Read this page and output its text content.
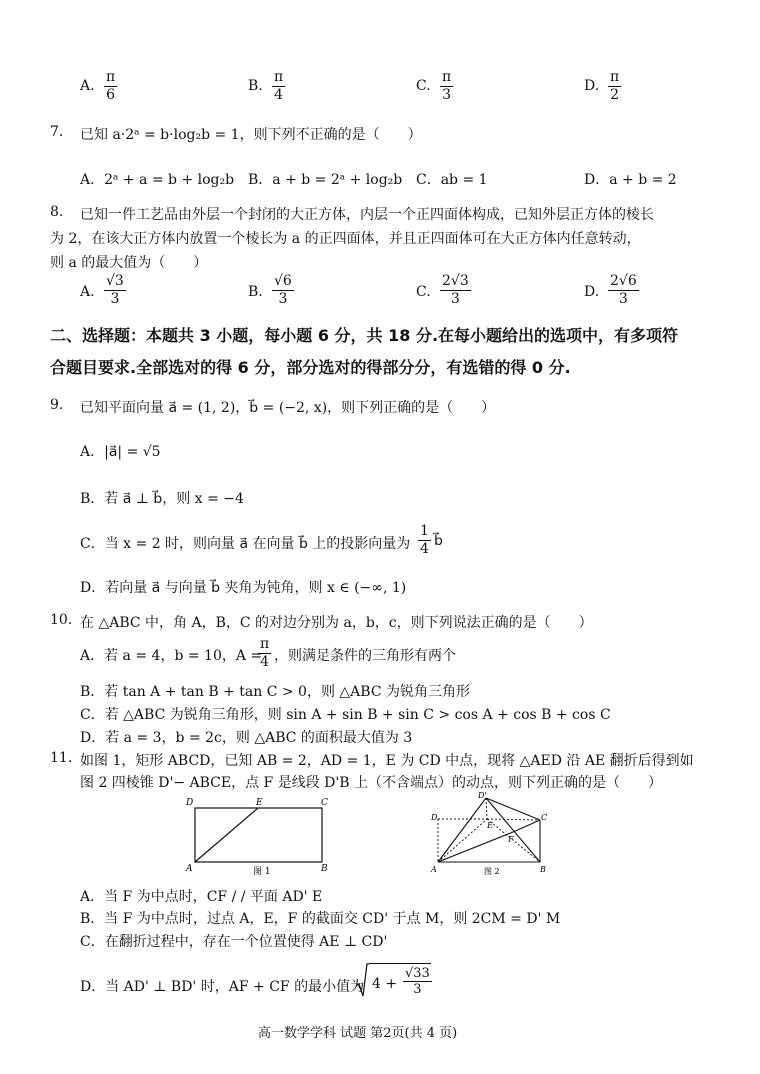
A. $\frac{\pi}{6}$	B. $\frac{\pi}{4}$	C. $\frac{\pi}{3}$	D. $\frac{\pi}{2}$
7. 已知 a·2ᵃ = b·log₂b = 1，则下列不正确的是（　　）
A．2ᵃ + a = b + log₂b B．a + b = 2ᵃ + log₂b C．ab = 1	D．a + b = 2
8. 已知一件工艺品由外层一个封闭的大正方体，内层一个正四面体构成，已知外层正方体的棱长
为 2，在该大正方体内放置一个棱长为 a 的正四面体，并且正四面体可在大正方体内任意转动，
则 a 的最大值为（　　）
A. $\frac{√3}{3}$	B. $\frac{√6}{3}$	C. $\frac{2√3}{3}$	D. $\frac{2√6}{3}$
二、选择题：本题共 3 小题，每小题 6 分，共 18 分.在每小题给出的选项中，有多项符
合题目要求.全部选对的得 6 分，部分选对的得部分分，有选错的得 0 分.
9. 已知平面向量 a⃗ = (1, 2)，b⃗ = (−2, x)，则下列正确的是（　　）
A．|a⃗| = √5
B．若 a⃗ ⊥ b⃗，则 x = −4
C．当 x = 2 时，则向量 a⃗ 在向量 b⃗ 上的投影向量为 $\frac{1}{4}$ b⃗
D．若向量 a⃗ 与向量 b⃗ 夹角为钝角，则 x ∈ (−∞, 1)
10. 在 △ABC 中，角 A，B，C 的对边分别为 a，b，c，则下列说法正确的是（　　）
A．若 a = 4，b = 10，A =
$\frac{\pi}{4}$ ，则满足条件的三角形有两个
B．若 tan A + tan B + tan C > 0，则 △ABC 为锐角三角形
C．若 △ABC 为锐角三角形，则 sin A + sin B + sin C > cos A + cos B + cos C
D．若 a = 3，b = 2c，则 △ABC 的面积最大值为 3
11. 如图 1，矩形 ABCD，已知 AB = 2，AD = 1，E 为 CD 中点，现将 △AED 沿 AE 翻折后得到如
图 2 四棱锥 D'− ABCE，点 F 是线段 D'B 上（不含端点）的动点，则下列正确的是（　　）
D	E	C
A	B
图 1
D'
D
E
C
F
A	B
图 2
A．当 F 为中点时，CF / / 平面 AD' E
B．当 F 为中点时，过点 A，E，F 的截面交 CD' 于点 M，则 2CM = D' M
C．在翻折过程中，存在一个位置使得 AE ⊥ CD'
D．当 AD' ⊥ BD' 时，AF + CF 的最小值为 $4 + \frac{√33}{3}$
高一数学学科 试题 第2页(共 4 页)
